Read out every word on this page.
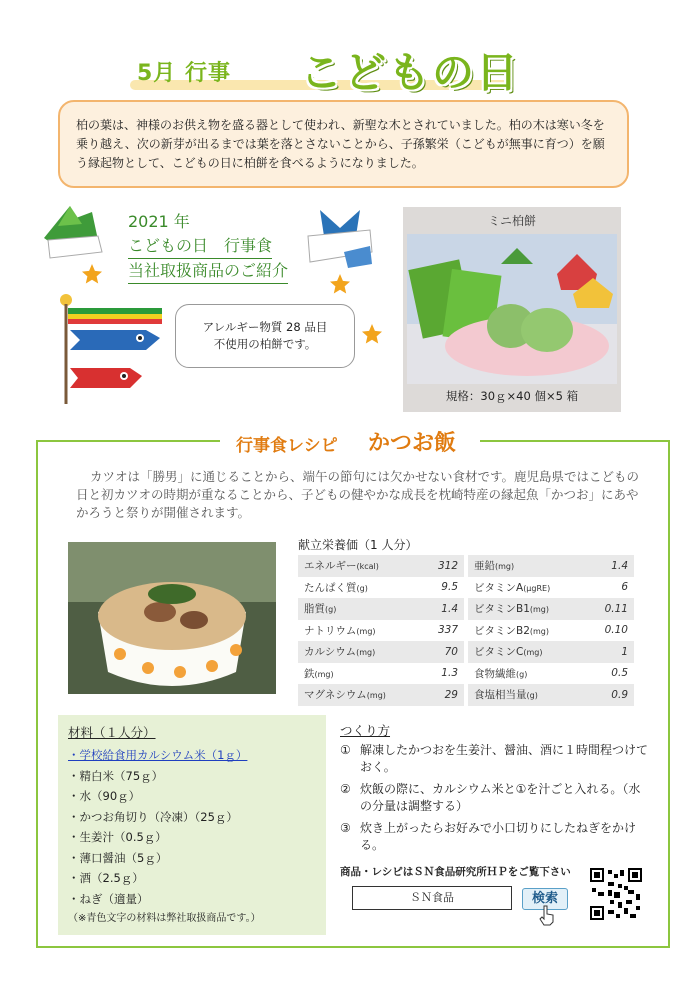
5月 行事 こどもの日
柏の葉は、神様のお供え物を盛る器として使われ、新聖な木とされていました。柏の木は寒い冬を乗り越え、次の新芽が出るまでは葉を落とさないことから、子孫繁栄（こどもが無事に育つ）を願う縁起物として、こどもの日に柏餅を食べるようになりました。
2021 年
こどもの日　行事食
当社取扱商品のご紹介
アレルギー物質 28 品目
不使用の柏餅です。
ミニ柏餅
規格：30ｇ×40 個×5 箱
行事食レシピ かつお飯
カツオは「勝男」に通じることから、端午の節句には欠かせない食材です。鹿児島県ではこどもの日と初カツオの時期が重なることから、子どもの健やかな成長を枕崎特産の縁起魚「かつお」にあやかろうと祭りが開催されます。
献立栄養価（1 人分）
エネルギー(kcal)	312 亜鉛(mg)	1.4
たんぱく質(g)	9.5 ビタミンA(μgRE)	6
脂質(g)	1.4 ビタミンB1(mg)	0.11
ナトリウム(mg)	337 ビタミンB2(mg)	0.10
カルシウム(mg)	70 ビタミンC(mg)	1
鉄(mg)	1.3 食物繊維(g)	0.5
マグネシウム(mg)	29 食塩相当量(g)	0.9
材料（１人分）
・学校給食用カルシウム米（1ｇ）
・精白米（75ｇ）
・水（90ｇ）
・かつお角切り（冷凍）（25ｇ）
・生姜汁（0.5ｇ）
・薄口醤油（5ｇ）
・酒（2.5ｇ）
・ねぎ（適量）
（※青色文字の材料は弊社取扱商品です。）
つくり方
① 解凍したかつおを生姜汁、醤油、酒に１時間程つけておく。
② 炊飯の際に、カルシウム米と①を汁ごと入れる。（水の分量は調整する）
③ 炊き上がったらお好みで小口切りにしたねぎをかける。
商品・レシピはＳＮ食品研究所ＨＰをご覧下さい
ＳＮ食品	検索
